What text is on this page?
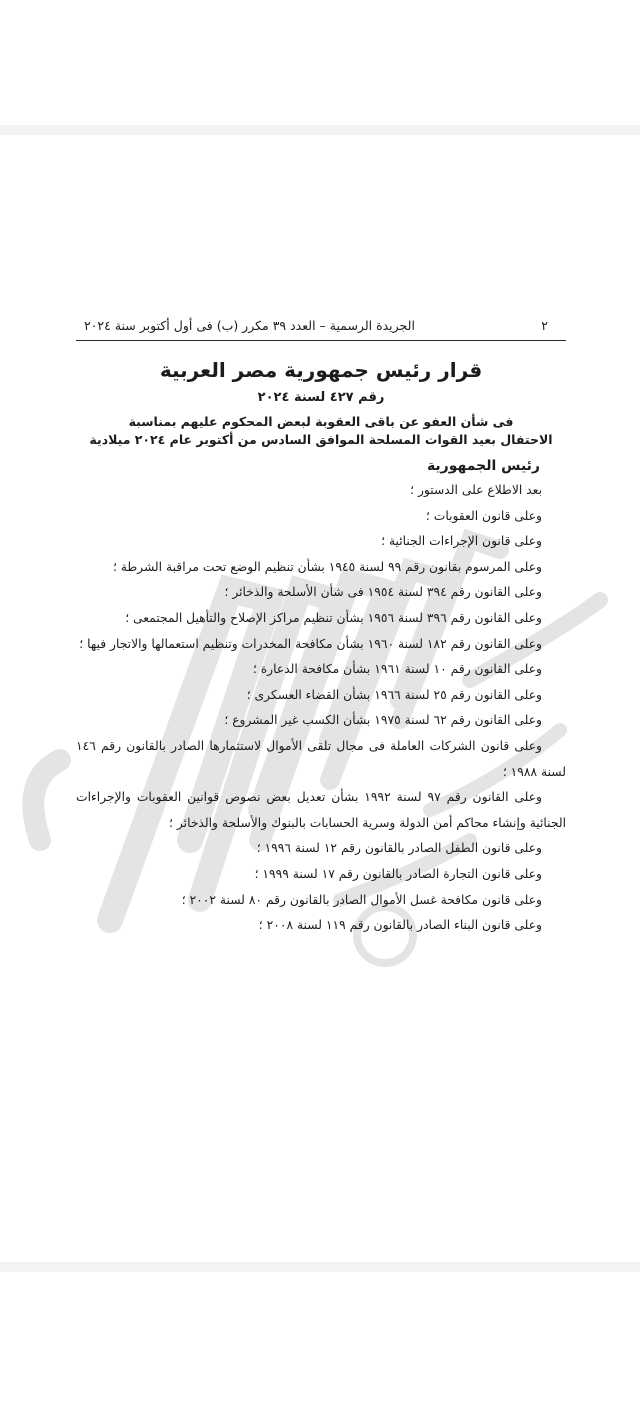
٢
الجريدة الرسمية – العدد ٣٩ مكرر (ب) فى أول أكتوبر سنة ٢٠٢٤
قرار رئيس جمهورية مصر العربية
رقم ٤٢٧ لسنة ٢٠٢٤
فى شأن العفو عن باقى العقوبة لبعض المحكوم عليهم بمناسبة
الاحتفال بعيد القوات المسلحة الموافق السادس من أكتوبر عام ٢٠٢٤ ميلادية
رئيس الجمهورية

بعد الاطلاع على الدستور ؛

وعلى قانون العقوبات ؛

وعلى قانون الإجراءات الجنائية ؛

وعلى المرسوم بقانون رقم ٩٩ لسنة ١٩٤٥ بشأن تنظيم الوضع تحت مراقبة الشرطة ؛

وعلى القانون رقم ٣٩٤ لسنة ١٩٥٤ فى شأن الأسلحة والذخائر ؛

وعلى القانون رقم ٣٩٦ لسنة ١٩٥٦ بشأن تنظيم مراكز الإصلاح والتأهيل المجتمعى ؛

وعلى القانون رقم ١٨٢ لسنة ١٩٦٠ بشأن مكافحة المخدرات وتنظيم استعمالها والاتجار فيها ؛

وعلى القانون رقم ١٠ لسنة ١٩٦١ بشأن مكافحة الدعارة ؛

وعلى القانون رقم ٢٥ لسنة ١٩٦٦ بشأن القضاء العسكرى ؛

وعلى القانون رقم ٦٢ لسنة ١٩٧٥ بشأن الكسب غير المشروع ؛

وعلى قانون الشركات العاملة فى مجال تلقى الأموال لاستثمارها الصادر بالقانون رقم ١٤٦ لسنة ١٩٨٨ ؛

وعلى القانون رقم ٩٧ لسنة ١٩٩٢ بشأن تعديل بعض نصوص قوانين العقوبات والإجراءات الجنائية وإنشاء محاكم أمن الدولة وسرية الحسابات بالبنوك والأسلحة والذخائر ؛

وعلى قانون الطفل الصادر بالقانون رقم ١٢ لسنة ١٩٩٦ ؛

وعلى قانون التجارة الصادر بالقانون رقم ١٧ لسنة ١٩٩٩ ؛

وعلى قانون مكافحة غسل الأموال الصادر بالقانون رقم ٨٠ لسنة ٢٠٠٢ ؛

وعلى قانون البناء الصادر بالقانون رقم ١١٩ لسنة ٢٠٠٨ ؛
